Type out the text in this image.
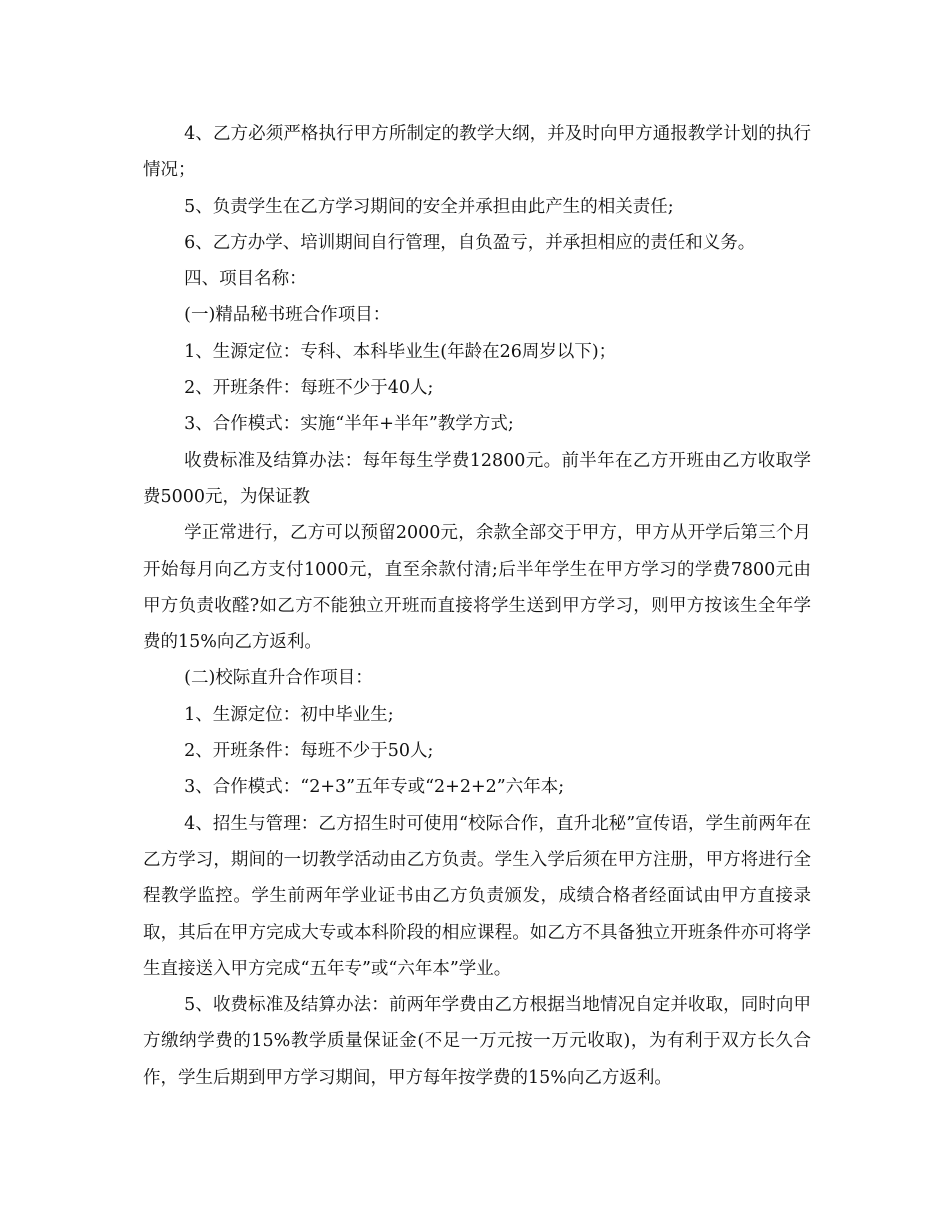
4、乙方必须严格执行甲方所制定的教学大纲，并及时向甲方通报教学计划的执行情况；

5、负责学生在乙方学习期间的安全并承担由此产生的相关责任;

6、乙方办学、培训期间自行管理，自负盈亏，并承担相应的责任和义务。

四、项目名称：

(一)精品秘书班合作项目：

1、生源定位：专科、本科毕业生(年龄在26周岁以下)；

2、开班条件：每班不少于40人;

3、合作模式：实施“半年+半年”教学方式;

收费标准及结算办法：每年每生学费12800元。前半年在乙方开班由乙方收取学费5000元，为保证教

学正常进行，乙方可以预留2000元，余款全部交于甲方，甲方从开学后第三个月开始每月向乙方支付1000元，直至余款付清;后半年学生在甲方学习的学费7800元由甲方负责收醛?如乙方不能独立开班而直接将学生送到甲方学习，则甲方按该生全年学费的15%向乙方返利。

(二)校际直升合作项目：

1、生源定位：初中毕业生;

2、开班条件：每班不少于50人;

3、合作模式：“2+3”五年专或“2+2+2”六年本;

4、招生与管理：乙方招生时可使用“校际合作，直升北秘”宣传语，学生前两年在乙方学习，期间的一切教学活动由乙方负责。学生入学后须在甲方注册，甲方将进行全程教学监控。学生前两年学业证书由乙方负责颁发，成绩合格者经面试由甲方直接录取，其后在甲方完成大专或本科阶段的相应课程。如乙方不具备独立开班条件亦可将学生直接送入甲方完成“五年专”或“六年本”学业。

5、收费标准及结算办法：前两年学费由乙方根据当地情况自定并收取，同时向甲方缴纳学费的15%教学质量保证金(不足一万元按一万元收取)，为有利于双方长久合作，学生后期到甲方学习期间，甲方每年按学费的15%向乙方返利。
